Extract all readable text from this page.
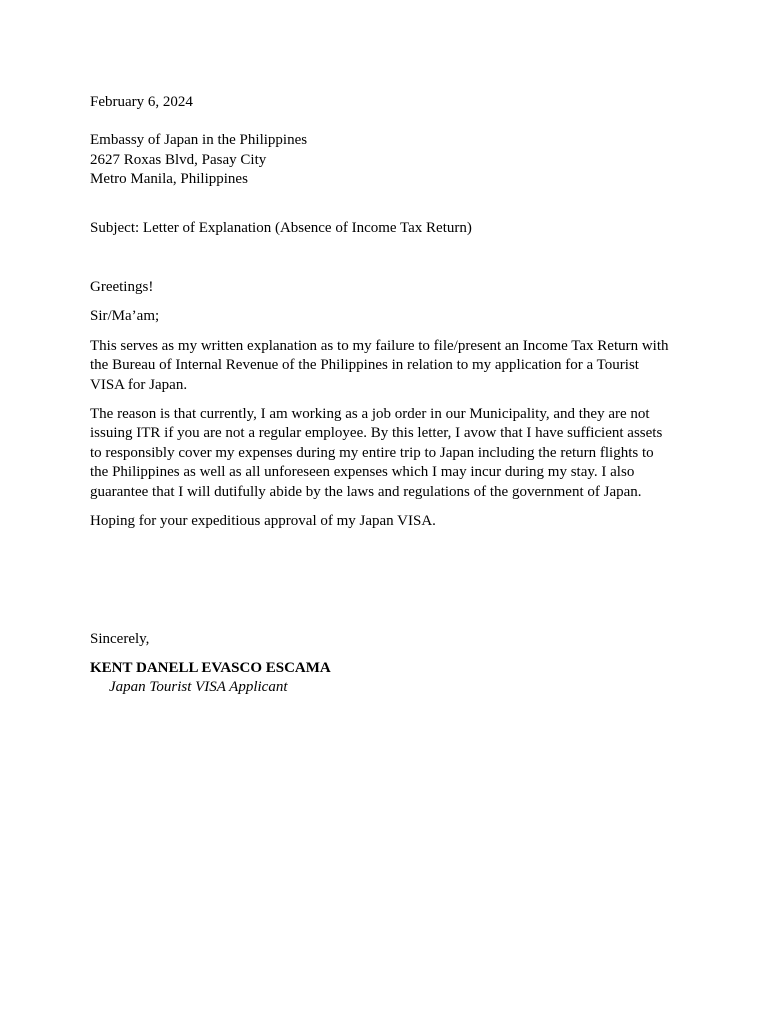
February 6, 2024
Embassy of Japan in the Philippines
2627 Roxas Blvd, Pasay City
Metro Manila, Philippines
Subject: Letter of Explanation (Absence of Income Tax Return)
Greetings!
Sir/Ma’am;
This serves as my written explanation as to my failure to file/present an Income Tax Return with
the Bureau of Internal Revenue of the Philippines in relation to my application for a Tourist
VISA for Japan.
The reason is that currently, I am working as a job order in our Municipality, and they are not
issuing ITR if you are not a regular employee. By this letter, I avow that I have sufficient assets
to responsibly cover my expenses during my entire trip to Japan including the return flights to
the Philippines as well as all unforeseen expenses which I may incur during my stay. I also
guarantee that I will dutifully abide by the laws and regulations of the government of Japan.
Hoping for your expeditious approval of my Japan VISA.
Sincerely,
KENT DANELL EVASCO ESCAMA
Japan Tourist VISA Applicant
